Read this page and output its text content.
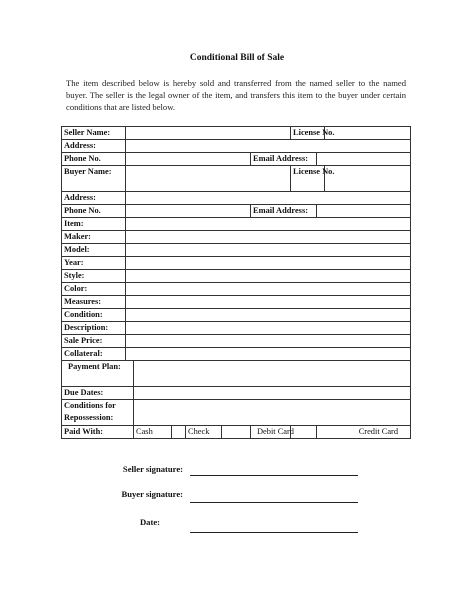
Conditional Bill of Sale
The item described below is hereby sold and transferred from the named seller to the named buyer. The seller is the legal owner of the item, and transfers this item to the buyer under certain conditions that are listed below.
Seller Name:							License No.		
Address:									
Phone No.						Email Address:			
Buyer Name:							License No.		
Address:									
Phone No.						Email Address:			
Item:									
Maker:									
Model:									
Year:									
Style:									
Color:									
Measures:									
Condition:									
Description:									
Sale Price:									
Collateral:									
Payment Plan:									
Due Dates:									
Conditions for Repossession:									
Paid With:		Cash		Check		Debit Card		Credit Card	
Seller signature:
Buyer signature:
Date:
